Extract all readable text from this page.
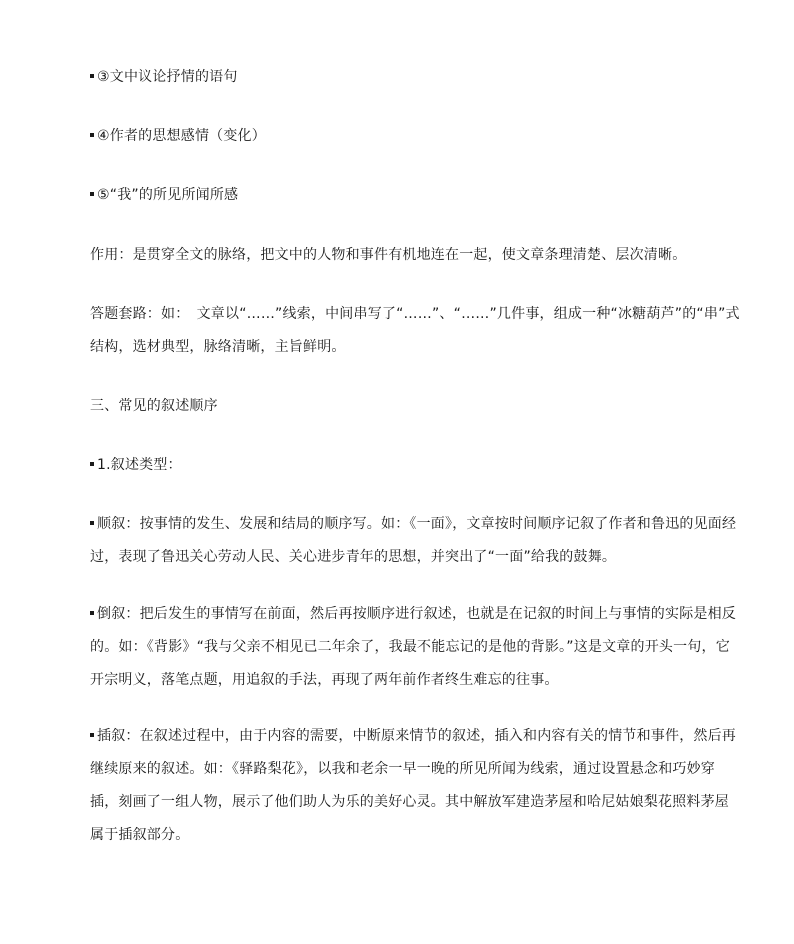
③文中议论抒情的语句

④作者的思想感情（变化）

⑤“我”的所见所闻所感

作用：是贯穿全文的脉络，把文中的人物和事件有机地连在一起，使文章条理清楚、层次清晰。

答题套路：如：　文章以“……”线索，中间串写了“……”、“……”几件事，组成一种“冰糖葫芦”的“串”式结构，选材典型，脉络清晰，主旨鲜明。

三、常见的叙述顺序

1.叙述类型：

顺叙：按事情的发生、发展和结局的顺序写。如：《一面》，文章按时间顺序记叙了作者和鲁迅的见面经过，表现了鲁迅关心劳动人民、关心进步青年的思想，并突出了“一面”给我的鼓舞。

倒叙：把后发生的事情写在前面，然后再按顺序进行叙述，也就是在记叙的时间上与事情的实际是相反的。如：《背影》“我与父亲不相见已二年余了，我最不能忘记的是他的背影。”这是文章的开头一句，它开宗明义，落笔点题，用追叙的手法，再现了两年前作者终生难忘的往事。

插叙：在叙述过程中，由于内容的需要，中断原来情节的叙述，插入和内容有关的情节和事件，然后再继续原来的叙述。如：《驿路梨花》，以我和老余一早一晚的所见所闻为线索，通过设置悬念和巧妙穿插，刻画了一组人物，展示了他们助人为乐的美好心灵。其中解放军建造茅屋和哈尼姑娘梨花照料茅屋属于插叙部分。
